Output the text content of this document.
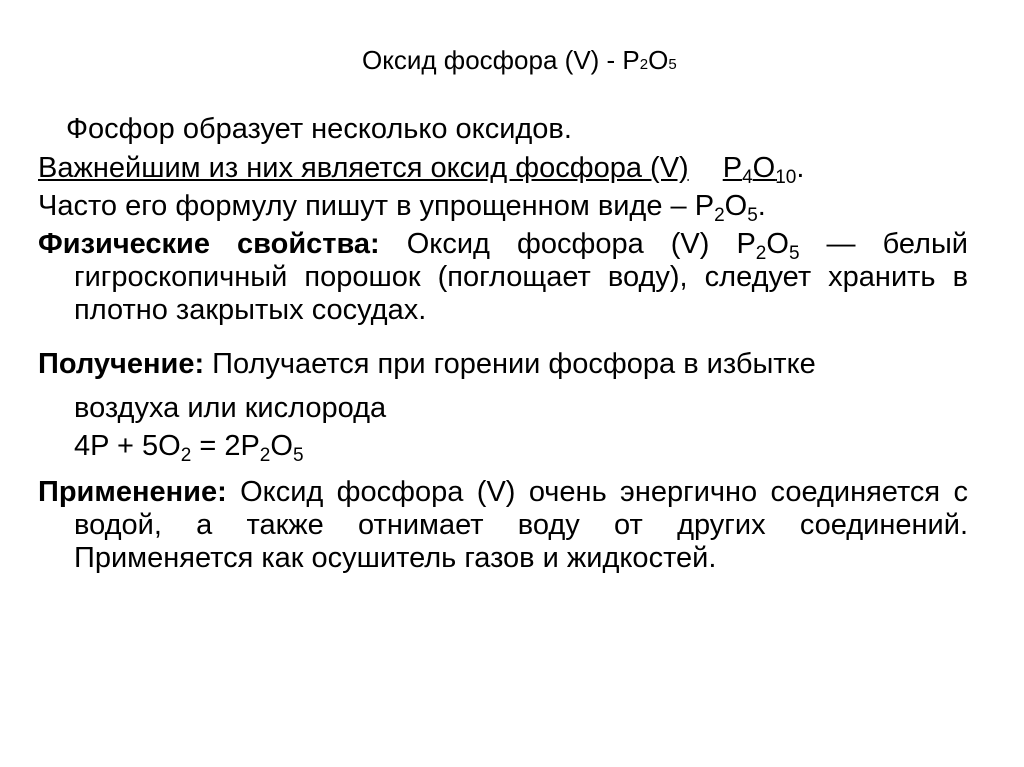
Оксид фосфора (V) - P2O5
Фосфор образует несколько оксидов.
Важнейшим из них является оксид фосфора (V) $P_4O_{10}$.
Часто его формулу пишут в упрощенном виде – $P_2O_5$.
Физические свойства: Оксид фосфора (V) $P_2O_5$ — белый гигроскопичный порошок (поглощает воду), следует хранить в плотно закрытых сосудах.
Получение: Получается при горении фосфора в избытке
воздуха или кислорода
$4P + 5O_2 = 2P_2O_5$
Применение: Оксид фосфора (V) очень энергично соединяется с водой, а также отнимает воду от других соединений. Применяется как осушитель газов и жидкостей.
